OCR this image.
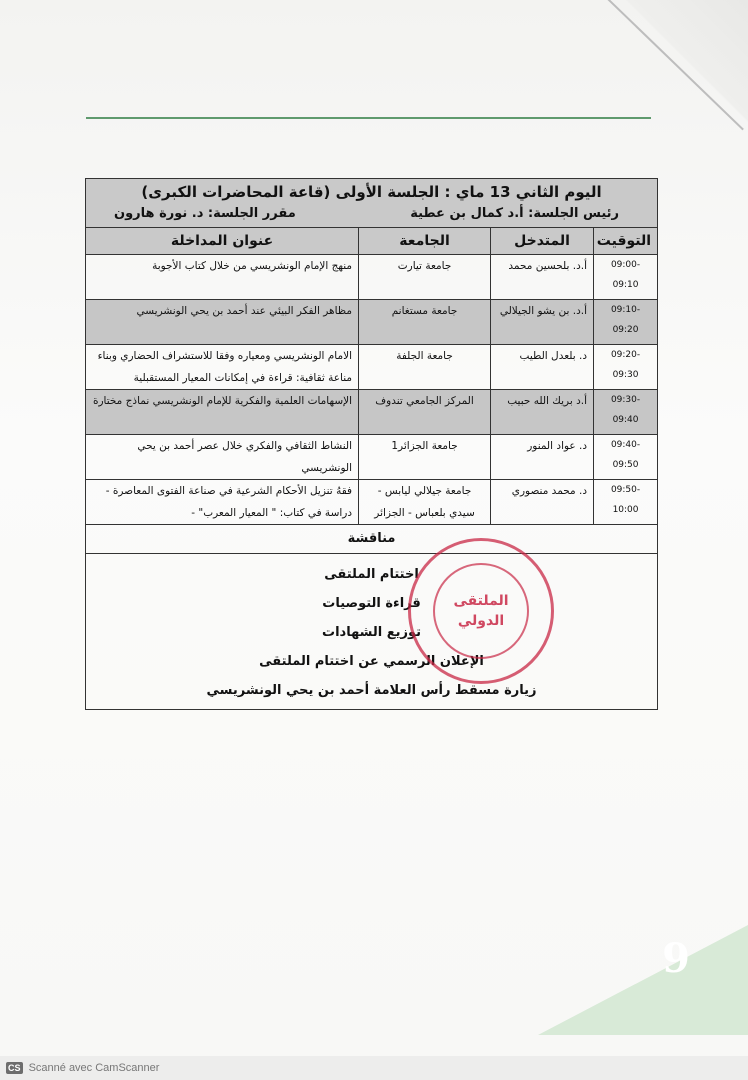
اليوم الثاني 13 ماي : الجلسة الأولى (قاعة المحاضرات الكبرى)
رئيس الجلسة: أ.د كمال بن عطية
مقرر الجلسة: د. نورة هارون			

التوقيت	المتدخل	الجامعة	عنوان المداخلة
09:00-09:10	أ.د. بلحسين محمد	جامعة تيارت	منهج الإمام الونشريسي من خلال كتاب الأجوبة
09:10-09:20	أ.د. بن يشو الجيلالي	جامعة مستغانم	مظاهر الفكر البيئي عند أحمد بن يحي الونشريسي
09:20-09:30	د. بلعدل الطيب	جامعة الجلفة	الامام الونشريسي ومعياره وفقا للاستشراف الحضاري وبناء مناعة ثقافية: قراءة في إمكانات المعيار المستقبلية
09:30-09:40	أ.د بريك الله حبيب	المركز الجامعي تندوف	الإسهامات العلمية والفكرية للإمام الونشريسي نماذج مختارة
09:40-09:50	د. عواد المنور	جامعة الجزائر1	النشاط الثقافي والفكري خلال عصر أحمد بن يحي الونشريسي
09:50-10:00	د. محمد منصوري	جامعة جيلالي ليابس - سيدي بلعباس - الجزائر	فقهُ تنزيل الأحكام الشرعية في صناعة الفتوى المعاصرة - دراسة في كتاب: " المعيار المعرب" -
مناقشة			

اختتام الملتقى
قراءة التوصيات
توزيع الشهادات
الإعلان الرسمي عن اختتام الملتقى
زيارة مسقط رأس العلامة أحمد بن يحي الونشريسي			
الملتقى الدولي
9
CS Scanné avec CamScanner
